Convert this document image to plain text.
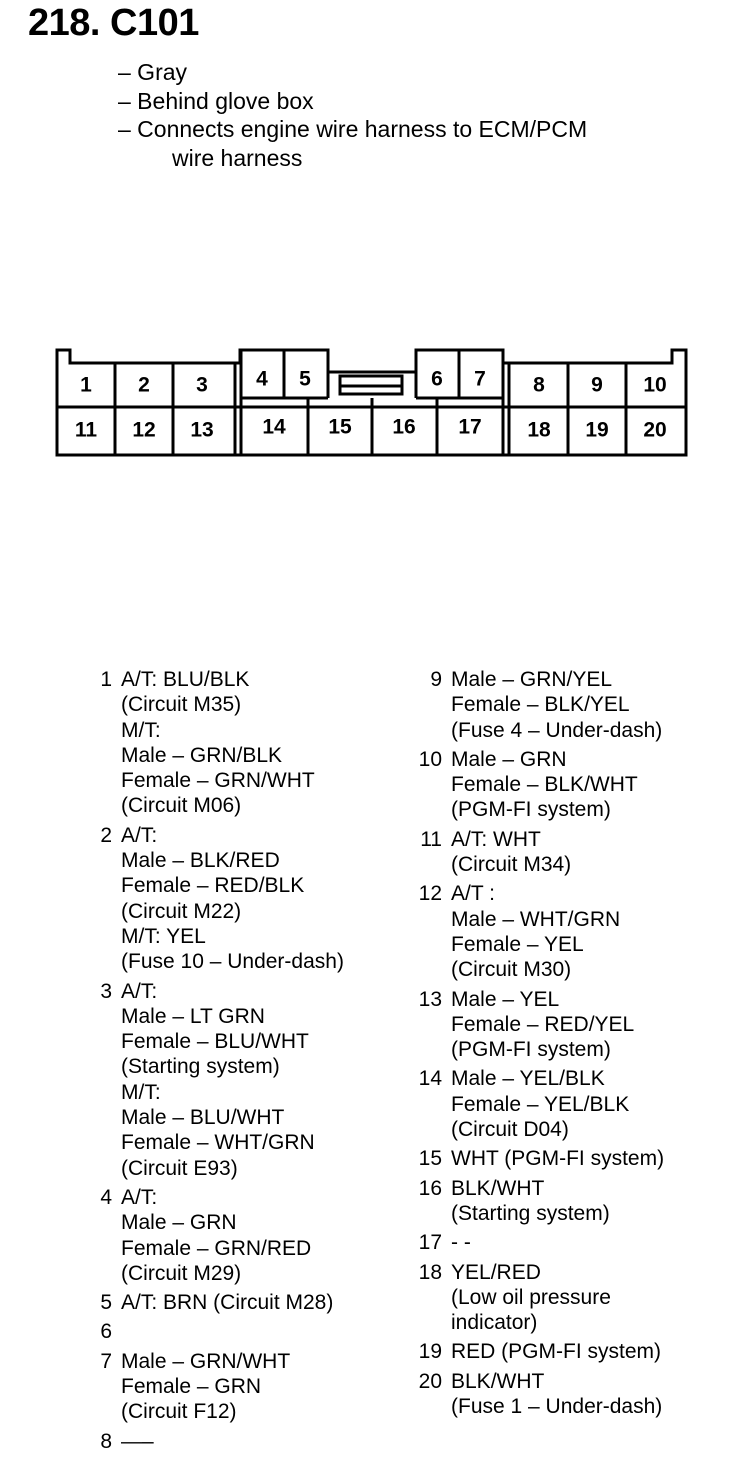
218. C101
– Gray
– Behind glove box
– Connects engine wire harness to ECM/PCM
wire harness
1 2 3 4 5	6 7 8 9 10
11 12 13 14 15 16 17 18 19 20
1 A/T: BLU/BLK
(Circuit M35)
M/T:
Male – GRN/BLK
Female – GRN/WHT
(Circuit M06)
2 A/T:
Male – BLK/RED
Female – RED/BLK
(Circuit M22)
M/T: YEL
(Fuse 10 – Under-dash)
3 A/T:
Male – LT GRN
Female – BLU/WHT
(Starting system)
M/T:
Male – BLU/WHT
Female – WHT/GRN
(Circuit E93)
4 A/T:
Male – GRN
Female – GRN/RED
(Circuit M29)
5 A/T: BRN (Circuit M28)
6

7 Male – GRN/WHT
Female – GRN
(Circuit F12)
8 —–
9 Male – GRN/YEL
Female – BLK/YEL
(Fuse 4 – Under-dash)
10 Male – GRN
Female – BLK/WHT
(PGM-FI system)
11 A/T: WHT
(Circuit M34)
12 A/T :
Male – WHT/GRN
Female – YEL
(Circuit M30)
13 Male – YEL
Female – RED/YEL
(PGM-FI system)
14 Male – YEL/BLK
Female – YEL/BLK
(Circuit D04)
15 WHT (PGM-FI system)
16 BLK/WHT
(Starting system)
17 - -
18 YEL/RED
(Low oil pressure
indicator)
19 RED (PGM-FI system)
20 BLK/WHT
(Fuse 1 – Under-dash)
